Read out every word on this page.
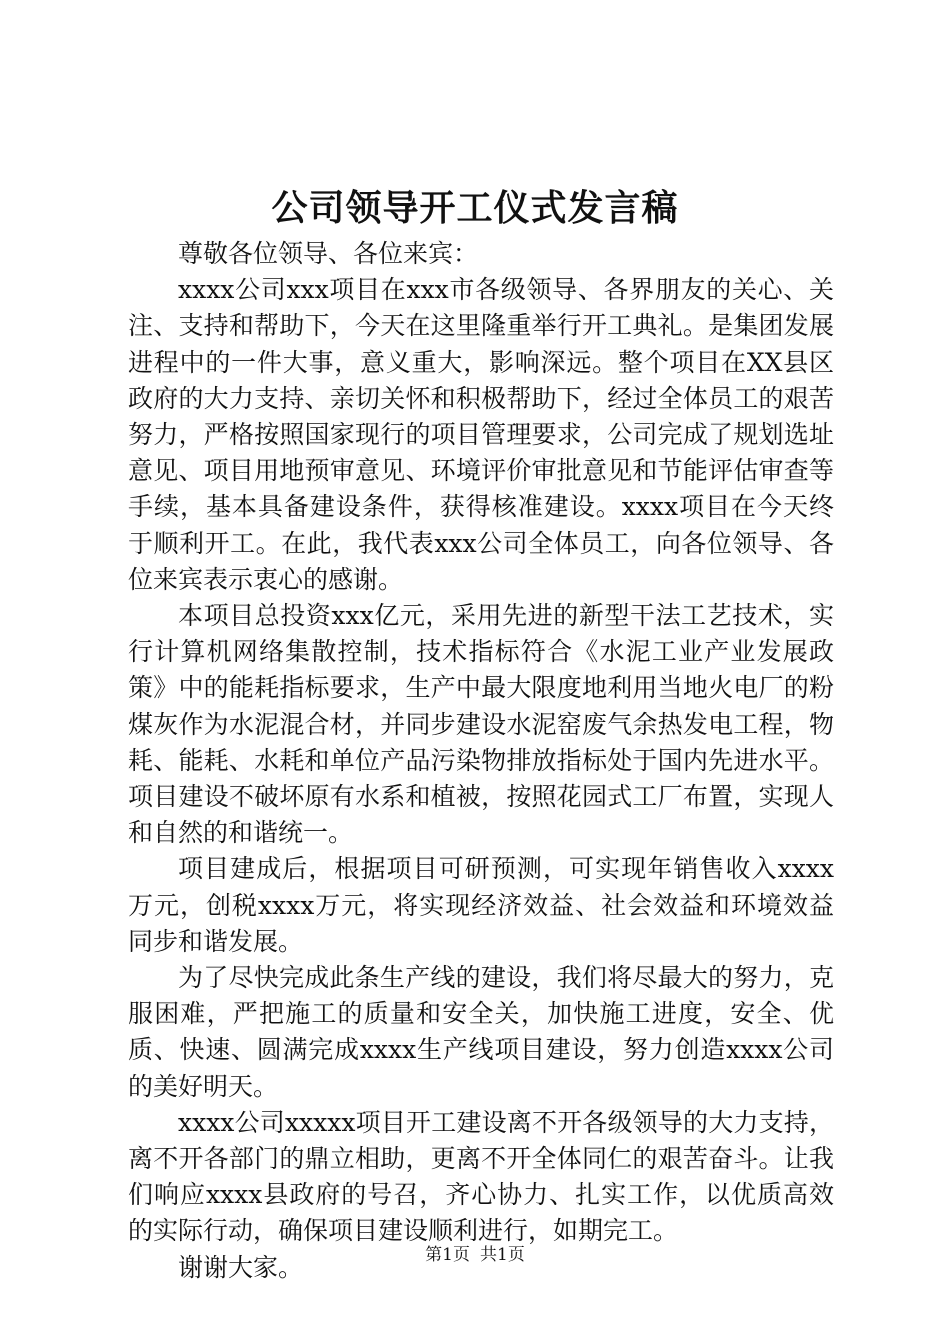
公司领导开工仪式发言稿

尊敬各位领导、各位来宾：

xxxx公司xxx项目在xxx市各级领导、各界朋友的关心、关注、支持和帮助下，今天在这里隆重举行开工典礼。是集团发展进程中的一件大事，意义重大，影响深远。整个项目在XX县区政府的大力支持、亲切关怀和积极帮助下，经过全体员工的艰苦努力，严格按照国家现行的项目管理要求，公司完成了规划选址意见、项目用地预审意见、环境评价审批意见和节能评估审查等手续，基本具备建设条件，获得核准建设。xxxx项目在今天终于顺利开工。在此，我代表xxx公司全体员工，向各位领导、各位来宾表示衷心的感谢。

本项目总投资xxx亿元，采用先进的新型干法工艺技术，实行计算机网络集散控制，技术指标符合《水泥工业产业发展政策》中的能耗指标要求，生产中最大限度地利用当地火电厂的粉煤灰作为水泥混合材，并同步建设水泥窑废气余热发电工程，物耗、能耗、水耗和单位产品污染物排放指标处于国内先进水平。项目建设不破坏原有水系和植被，按照花园式工厂布置，实现人和自然的和谐统一。

项目建成后，根据项目可研预测，可实现年销售收入xxxx万元，创税xxxx万元，将实现经济效益、社会效益和环境效益同步和谐发展。

为了尽快完成此条生产线的建设，我们将尽最大的努力，克服困难，严把施工的质量和安全关，加快施工进度，安全、优质、快速、圆满完成xxxx生产线项目建设，努力创造xxxx公司的美好明天。

xxxx公司xxxxx项目开工建设离不开各级领导的大力支持，离不开各部门的鼎立相助，更离不开全体同仁的艰苦奋斗。让我们响应xxxx县政府的号召，齐心协力、扎实工作，以优质高效的实际行动，确保项目建设顺利进行，如期完工。

谢谢大家。	第1页 共1页
